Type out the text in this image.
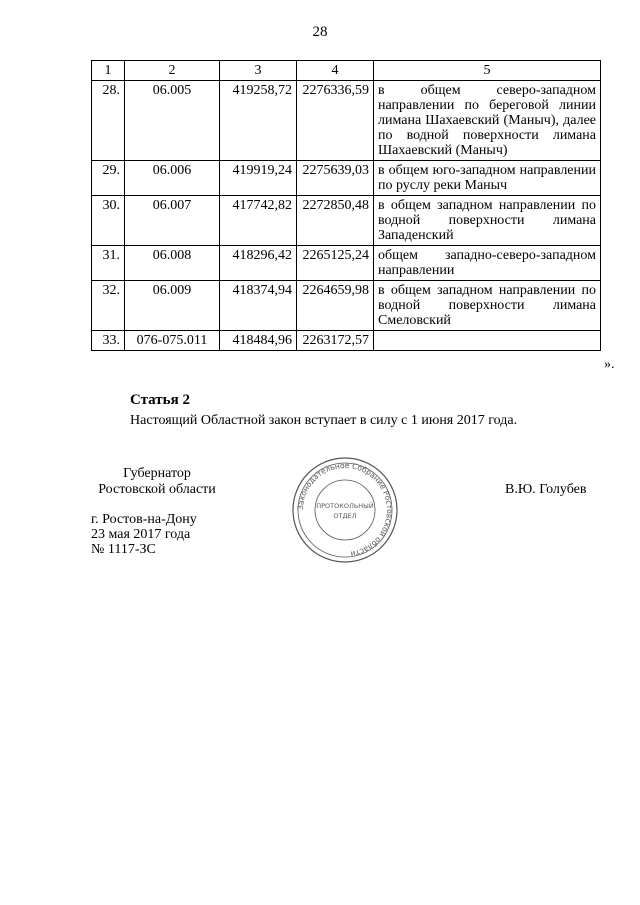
28
1	2	3	4	5
28.	06.005	419258,72	2276336,59	в общем северо-западном направлении по береговой линии лимана Шахаевский (Маныч), далее по водной поверхности лимана Шахаевский (Маныч)
29.	06.006	419919,24	2275639,03	в общем юго-западном направлении по руслу реки Маныч
30.	06.007	417742,82	2272850,48	в общем западном направлении по водной поверхности лимана Западенский
31.	06.008	418296,42	2265125,24	общем западно-северо-западном направлении
32.	06.009	418374,94	2264659,98	в общем западном направлении по водной поверхности лимана Смеловский
33.	076-075.011	418484,96	2263172,57	
».
Статья 2
Настоящий Областной закон вступает в силу с 1 июня 2017 года.
Губернатор
Ростовской области	В.Ю. Голубев
Законодательное Собрание Ростовской области
ПРОТОКОЛЬНЫЙ
ОТДЕЛ
г. Ростов-на-Дону
23 мая 2017 года
№ 1117-ЗС
